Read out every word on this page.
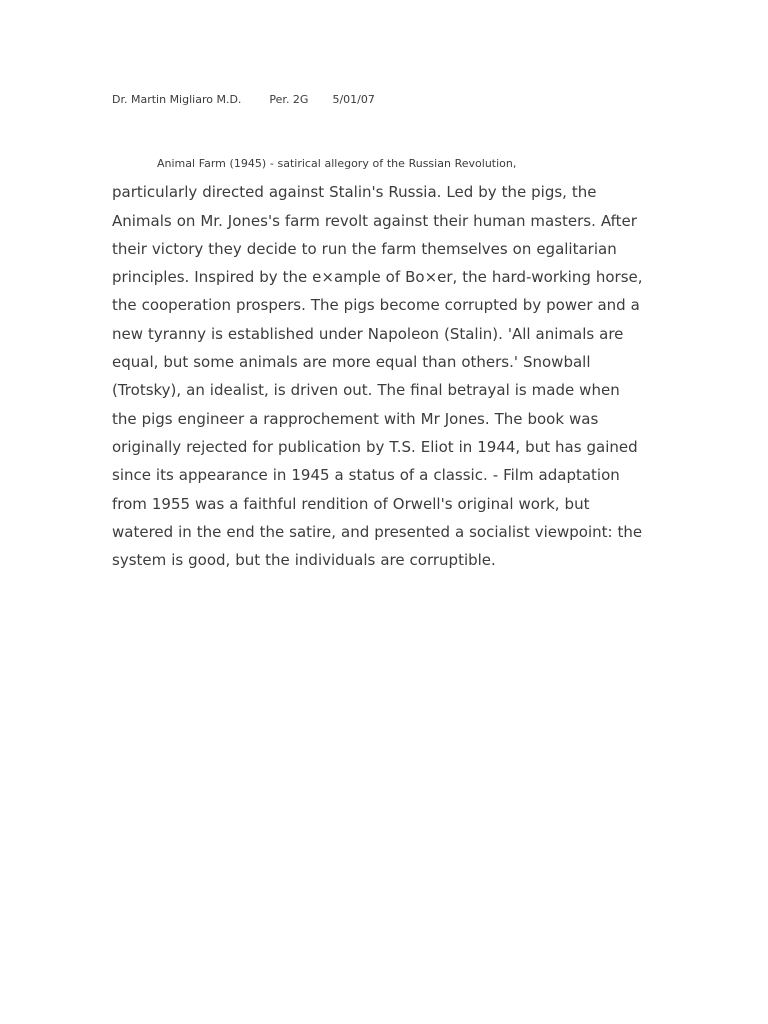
Dr. Martin Migliaro M.D.	Per. 2G 5/01/07
Animal Farm (1945) - satirical allegory of the Russian Revolution,
particularly directed against Stalin's Russia. Led by the pigs, the
Animals on Mr. Jones's farm revolt against their human masters. After
their victory they decide to run the farm themselves on egalitarian
principles. Inspired by the e×ample of Bo×er, the hard-working horse,
the cooperation prospers. The pigs become corrupted by power and a
new tyranny is established under Napoleon (Stalin). 'All animals are
equal, but some animals are more equal than others.' Snowball
(Trotsky), an idealist, is driven out. The final betrayal is made when
the pigs engineer a rapprochement with Mr Jones. The book was
originally rejected for publication by T.S. Eliot in 1944, but has gained
since its appearance in 1945 a status of a classic. - Film adaptation
from 1955 was a faithful rendition of Orwell's original work, but
watered in the end the satire, and presented a socialist viewpoint: the
system is good, but the individuals are corruptible.
